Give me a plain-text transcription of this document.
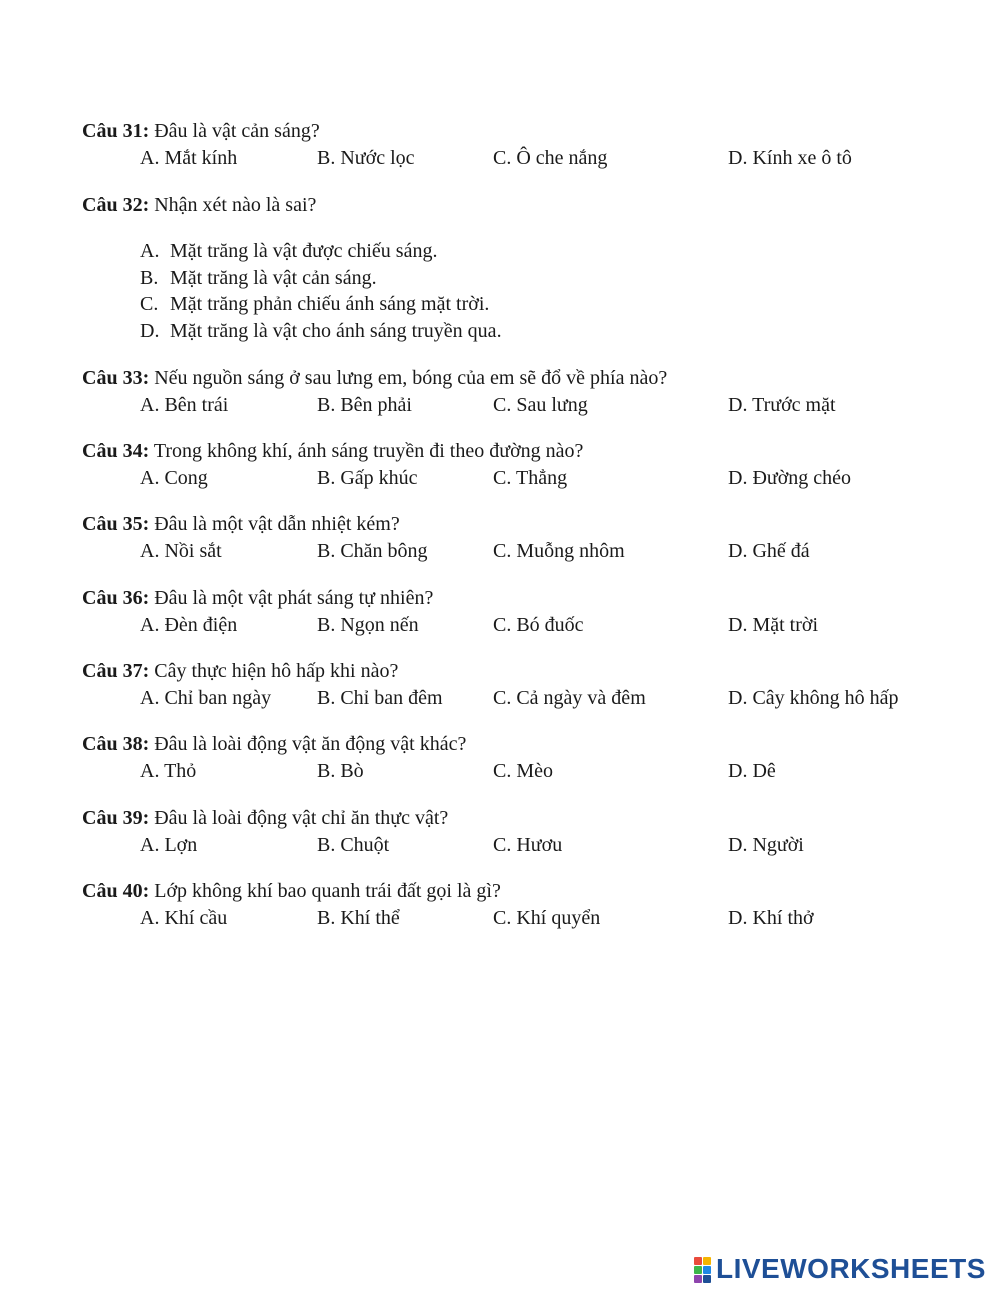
Câu 31: Đâu là vật cản sáng?
A. Mắt kính	B. Nước lọc	C. Ô che nắng	D. Kính xe ô tô
Câu 32: Nhận xét nào là sai?
A. Mặt trăng là vật được chiếu sáng.
B. Mặt trăng là vật cản sáng.
C. Mặt trăng phản chiếu ánh sáng mặt trời.
D. Mặt trăng là vật cho ánh sáng truyền qua.
Câu 33: Nếu nguồn sáng ở sau lưng em, bóng của em sẽ đổ về phía nào?
A. Bên trái	B. Bên phải	C. Sau lưng	D. Trước mặt
Câu 34: Trong không khí, ánh sáng truyền đi theo đường nào?
A. Cong	B. Gấp khúc	C. Thẳng	D. Đường chéo
Câu 35: Đâu là một vật dẫn nhiệt kém?
A. Nồi sắt	B. Chăn bông	C. Muỗng nhôm	D. Ghế đá
Câu 36: Đâu là một vật phát sáng tự nhiên?
A. Đèn điện	B. Ngọn nến	C. Bó đuốc	D. Mặt trời
Câu 37: Cây thực hiện hô hấp khi nào?
A. Chỉ ban ngày B. Chỉ ban đêm	C. Cả ngày và đêm	D. Cây không hô hấp
Câu 38: Đâu là loài động vật ăn động vật khác?
A. Thỏ	B. Bò	C. Mèo	D. Dê
Câu 39: Đâu là loài động vật chỉ ăn thực vật?
A. Lợn	B. Chuột	C. Hươu	D. Người
Câu 40: Lớp không khí bao quanh trái đất gọi là gì?
A. Khí cầu	B. Khí thể	C. Khí quyển	D. Khí thở
LIVEWORKSHEETS
